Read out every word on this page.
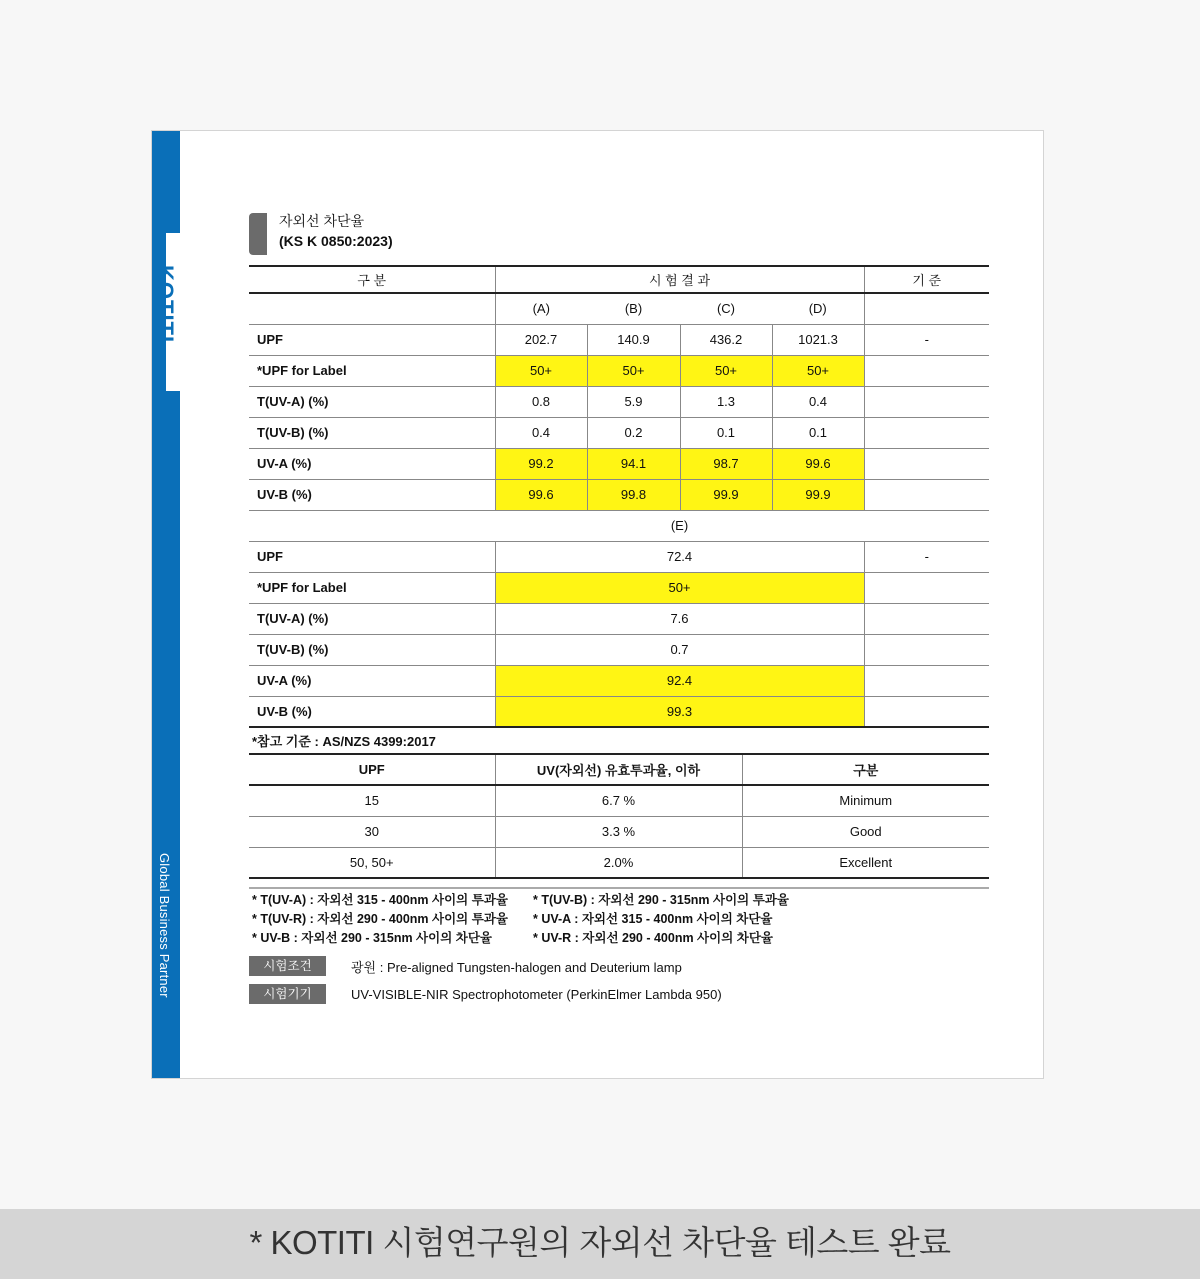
Global Business Partner
KOTITI
자외선 차단율
(KS K 0850:2023)
구 분	시 험 결 과				기 준
	(A)	(B)	(C)	(D)	
UPF	202.7	140.9	436.2	1021.3	-
*UPF for Label	50+	50+	50+	50+	
T(UV-A) (%)	0.8	5.9	1.3	0.4	
T(UV-B) (%)	0.4	0.2	0.1	0.1	
UV-A (%)	99.2	94.1	98.7	99.6	
UV-B (%)	99.6	99.8	99.9	99.9	
	(E)				
UPF	72.4				-
*UPF for Label	50+				
T(UV-A) (%)	7.6				
T(UV-B) (%)	0.7				
UV-A (%)	92.4				
UV-B (%)	99.3				
*참고 기준 : AS/NZS 4399:2017
UPF	UV(자외선) 유효투과율, 이하	구분
15	6.7 %	Minimum
30	3.3 %	Good
50, 50+	2.0%	Excellent
* T(UV-A) : 자외선 315 - 400nm 사이의 투과율	* T(UV-B) : 자외선 290 - 315nm 사이의 투과율
* T(UV-R) : 자외선 290 - 400nm 사이의 투과율	* UV-A : 자외선 315 - 400nm 사이의 차단율
* UV-B : 자외선 290 - 315nm 사이의 차단율	* UV-R : 자외선 290 - 400nm 사이의 차단율
시험조건	광원 : Pre-aligned Tungsten-halogen and Deuterium lamp
시험기기	UV-VISIBLE-NIR Spectrophotometer (PerkinElmer Lambda 950)
* KOTITI 시험연구원의 자외선 차단율 테스트 완료
